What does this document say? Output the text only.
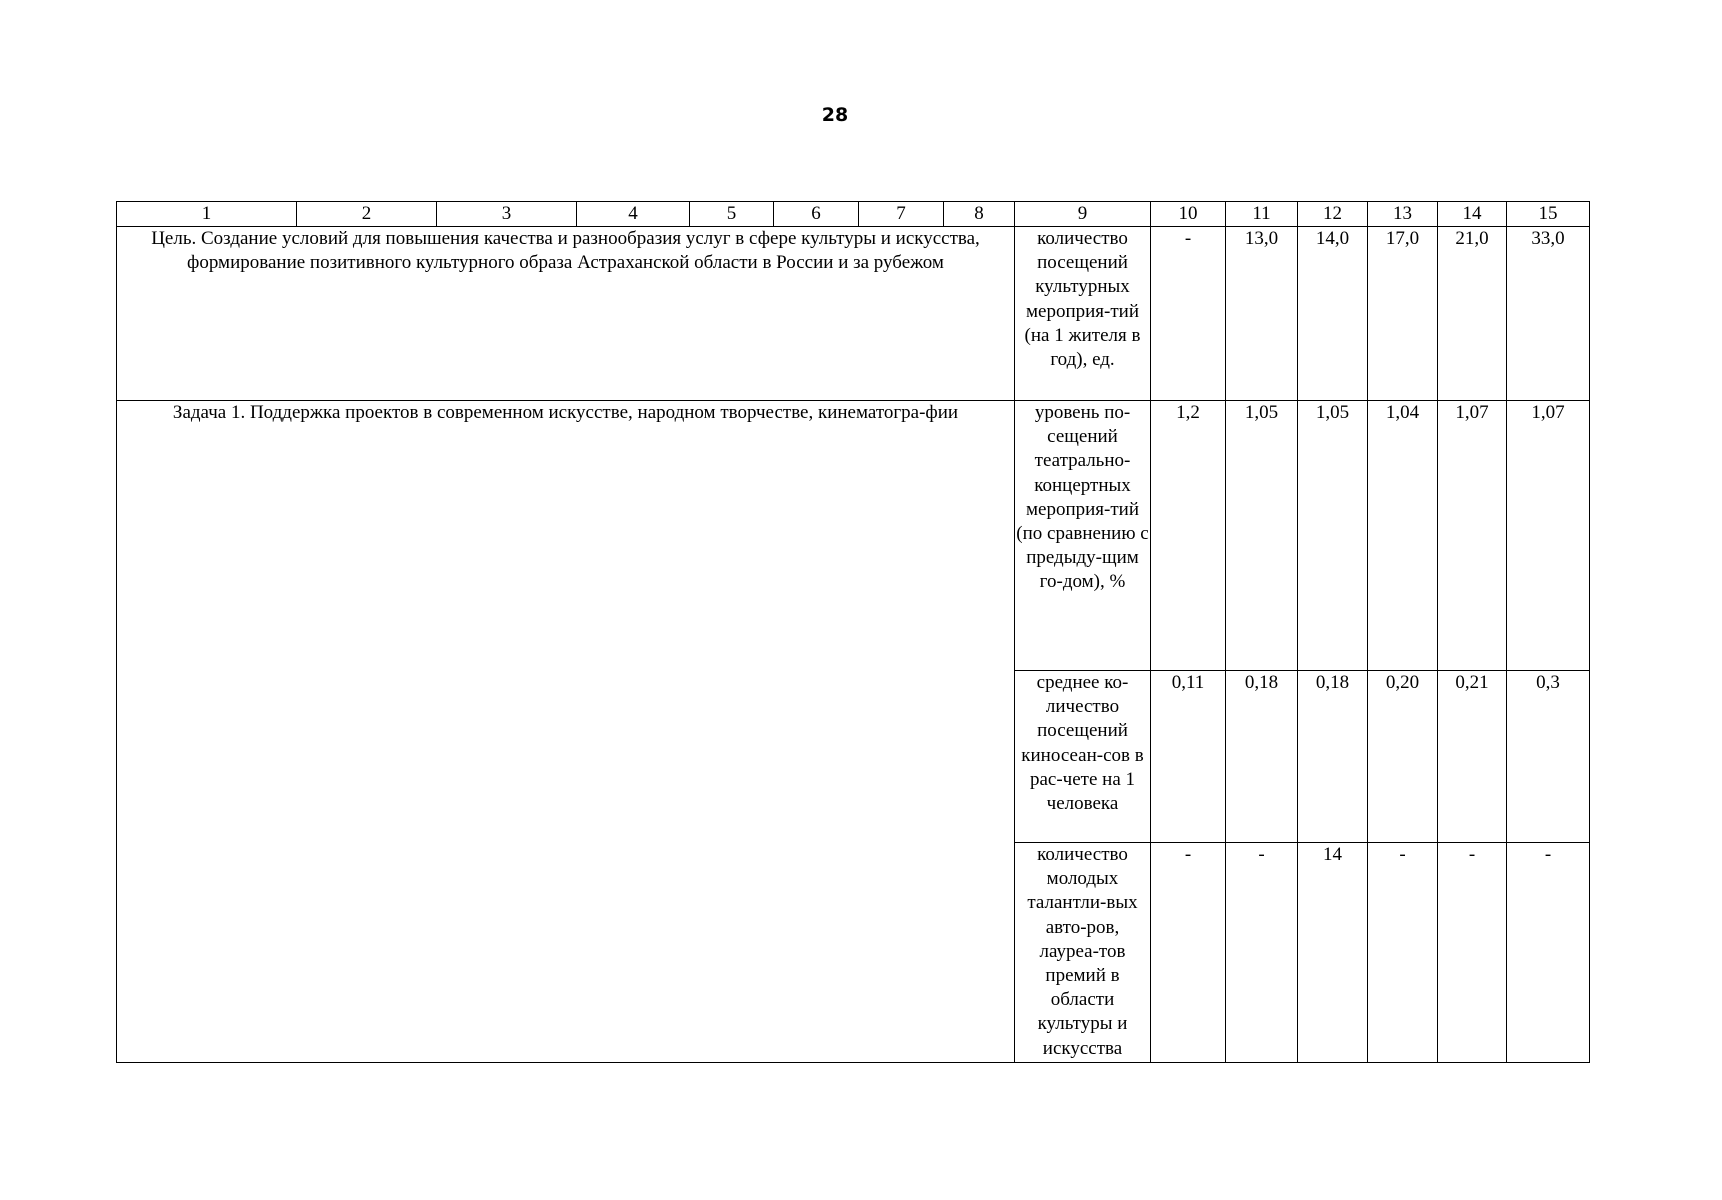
28
1	2	3	4	5	6	7	8	9	10	11	12	13	14	15
Цель. Создание условий для повышения качества и разнообразия услуг в сфере культуры и искусства, формирование позитивного культурного образа Астраханской области в России и за рубежом								количество посещений культурных мероприя-тий (на 1 жителя в год), ед.	-	13,0	14,0	17,0	21,0	33,0
Задача 1. Поддержка проектов в современном искусстве, народном творчестве, кинематогра-фии								уровень по-сещений театрально-концертных мероприя-тий (по сравнению с предыду-щим го-дом), %	1,2	1,05	1,05	1,04	1,07	1,07
								среднее ко-личество посещений киносеан-сов в рас-чете на 1 человека	0,11	0,18	0,18	0,20	0,21	0,3
								количество молодых талантли-вых авто-ров, лауреа-тов премий в области культуры и искусства	-	-	14	-	-	-
